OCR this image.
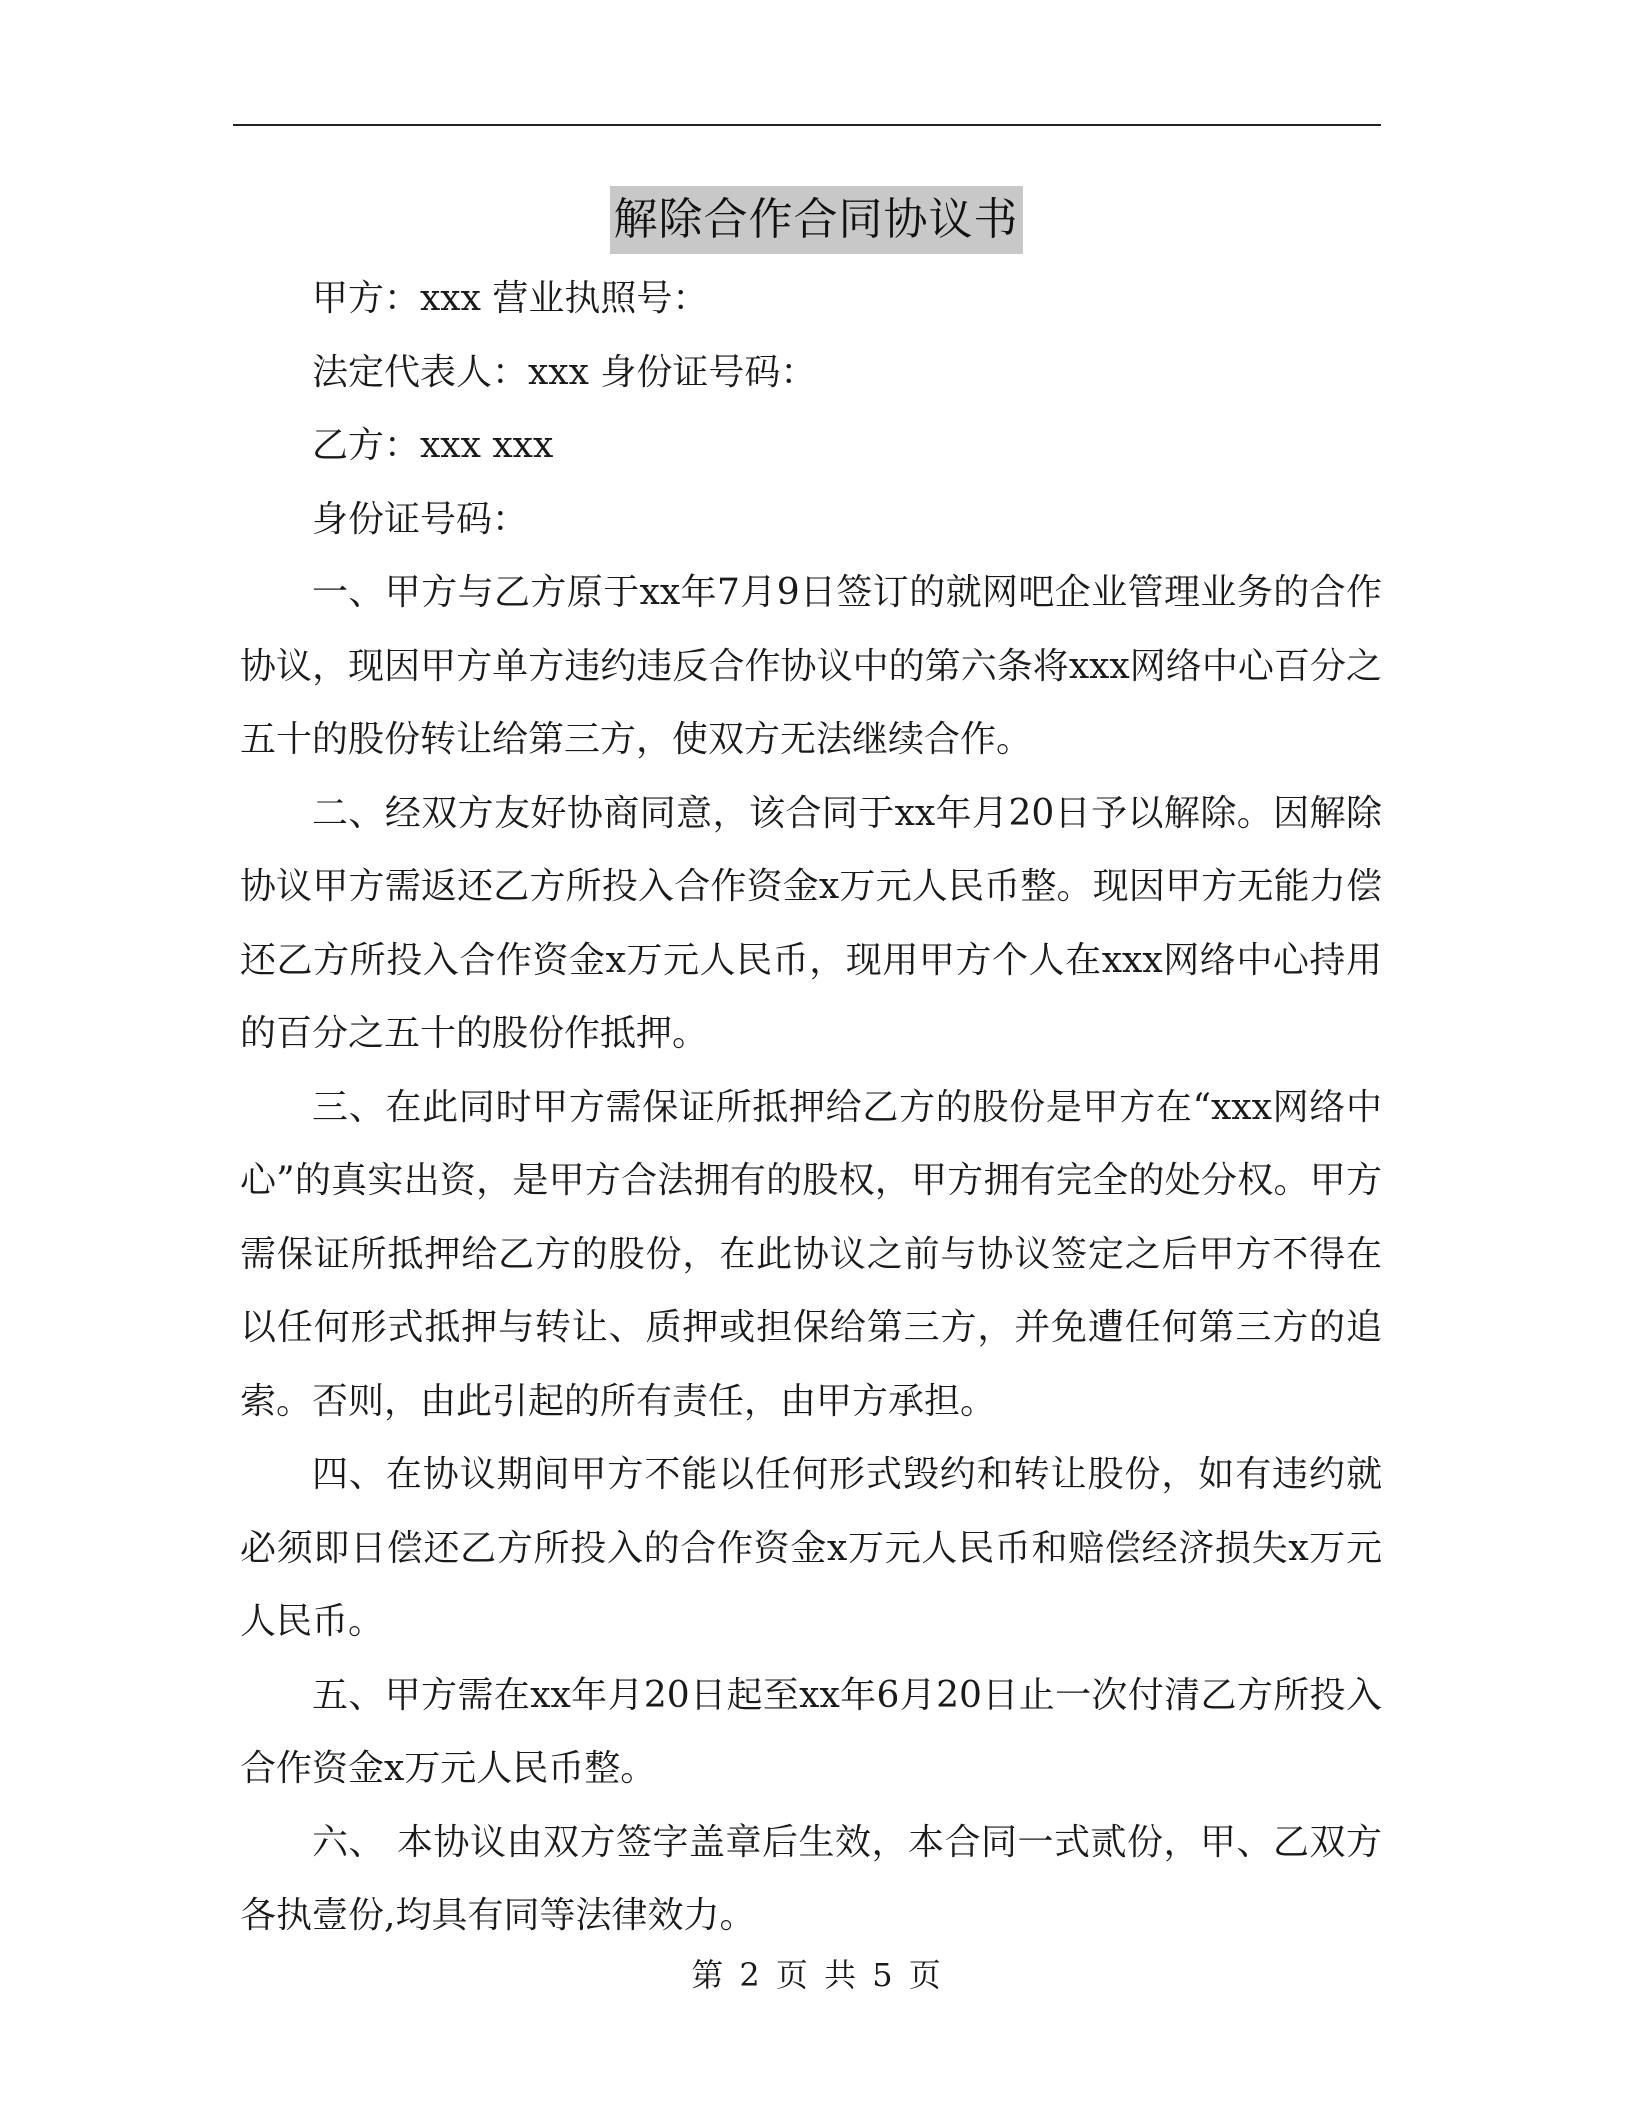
解除合作合同协议书

甲方：xxx 营业执照号：

法定代表人：xxx 身份证号码：

乙方：xxx xxx

身份证号码：

一、甲方与乙方原于xx年7月9日签订的就网吧企业管理业务的合作协议，现因甲方单方违约违反合作协议中的第六条将xxx网络中心百分之五十的股份转让给第三方，使双方无法继续合作。

二、经双方友好协商同意，该合同于xx年月20日予以解除。因解除协议甲方需返还乙方所投入合作资金x万元人民币整。现因甲方无能力偿还乙方所投入合作资金x万元人民币，现用甲方个人在xxx网络中心持用的百分之五十的股份作抵押。

三、在此同时甲方需保证所抵押给乙方的股份是甲方在“xxx网络中心”的真实出资，是甲方合法拥有的股权，甲方拥有完全的处分权。甲方需保证所抵押给乙方的股份，在此协议之前与协议签定之后甲方不得在以任何形式抵押与转让、质押或担保给第三方，并免遭任何第三方的追索。否则，由此引起的所有责任，由甲方承担。

四、在协议期间甲方不能以任何形式毁约和转让股份，如有违约就必须即日偿还乙方所投入的合作资金x万元人民币和赔偿经济损失x万元人民币。

五、甲方需在xx年月20日起至xx年6月20日止一次付清乙方所投入合作资金x万元人民币整。

六、 本协议由双方签字盖章后生效，本合同一式贰份，甲、乙双方各执壹份,均具有同等法律效力。

第 2 页 共 5 页
